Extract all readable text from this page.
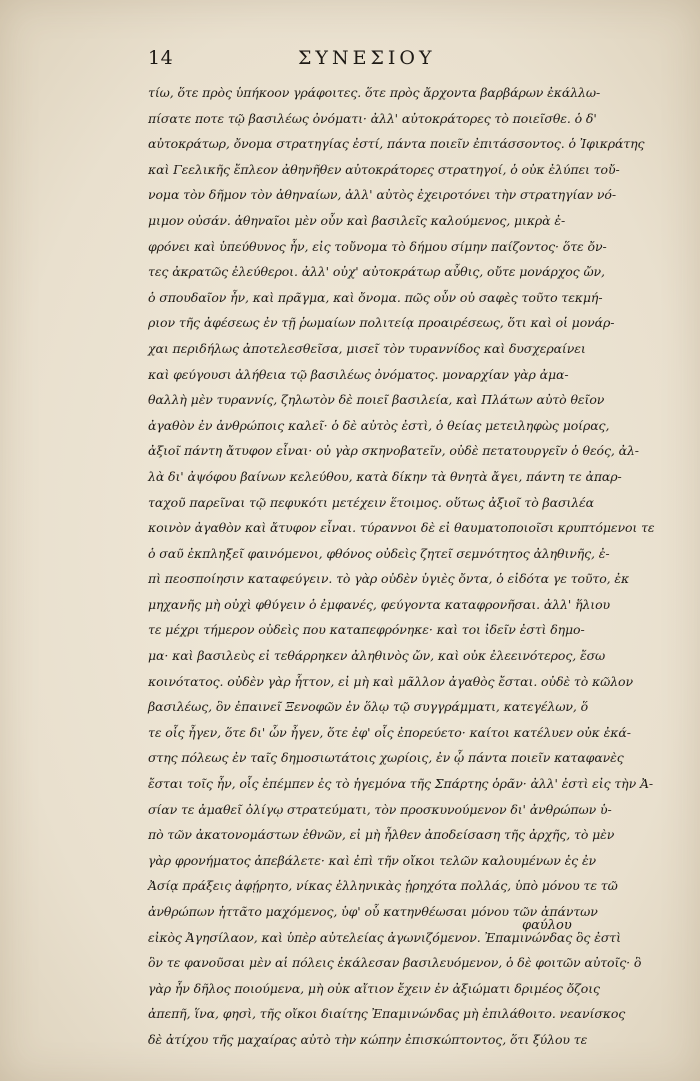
14	ΣΥΝΕΣΙΟΥ
τίω, ὅτε πρὸς ὑπήκοον γράφοιτες. ὅτε πρὸς ἄρχοντα βαρβάρων ἐκάλλω-
πίσατε ποτε τῷ βασιλέως ὀνόματι· ἀλλ' αὐτοκράτορες τὸ ποιεῖσθε. ὁ δ'
αὐτοκράτωρ, ὄνομα στρατηγίας ἐστί, πάντα ποιεῖν ἐπιτάσσοντος. ὁ Ἰφικράτης
καὶ Γεελικῆς ἔπλεον ἀθηνῆθεν αὐτοκράτορες στρατηγοί, ὁ οὐκ ἐλύπει τοὔ-
νομα τὸν δῆμον τὸν ἀθηναίων, ἀλλ' αὐτὸς ἐχειροτόνει τὴν στρατηγίαν νό-
μιμον οὐσάν. ἀθηναῖοι μὲν οὖν καὶ βασιλεῖς καλούμενος, μικρὰ ἐ-
φρόνει καὶ ὑπεύθυνος ἦν, εἰς τοὔνομα τὸ δήμου σίμην παίζοντος· ὅτε ὄν-
τες ἀκρατῶς ἐλεύθεροι. ἀλλ' οὐχ' αὐτοκράτωρ αὖθις, οὔτε μονάρχος ὤν,
ὁ σπουδαῖον ἦν, καὶ πρᾶγμα, καὶ ὄνομα. πῶς οὖν οὐ σαφὲς τοῦτο τεκμή-
ριον τῆς ἀφέσεως ἐν τῇ ῥωμαίων πολιτείᾳ προαιρέσεως, ὅτι καὶ οἱ μονάρ-
χαι περιδήλως ἀποτελεσθεῖσα, μισεῖ τὸν τυραννίδος καὶ δυσχεραίνει
καὶ φεύγουσι ἀλήθεια τῷ βασιλέως ὀνόματος. μοναρχίαν γὰρ ἀμα-
θαλλὴ μὲν τυραννίς, ζηλωτὸν δὲ ποιεῖ βασιλεία, καὶ Πλάτων αὐτὸ θεῖον
ἀγαθὸν ἐν ἀνθρώποις καλεῖ· ὁ δὲ αὐτὸς ἐστὶ, ὁ θείας μετειληφὼς μοίρας,
ἀξιοῖ πάντη ἄτυφον εἶναι· οὐ γὰρ σκηνοβατεῖν, οὐδὲ πετατουργεῖν ὁ θεός, ἀλ-
λὰ δι' ἀψόφου βαίνων κελεύθου, κατὰ δίκην τὰ θνητὰ ἄγει, πάντη τε ἀπαρ-
ταχοῦ παρεῖναι τῷ πεφυκότι μετέχειν ἕτοιμος. οὕτως ἀξιοῖ τὸ βασιλέα
κοινὸν ἀγαθὸν καὶ ἄτυφον εἶναι. τύραννοι δὲ εἰ θαυματοποιοῖσι κρυπτόμενοι τε
ὁ σαῦ ἐκπληξεῖ φαινόμενοι, φθόνος οὐδεὶς ζητεῖ σεμνότητος ἀληθινῆς, ἐ-
πὶ πεοσποίησιν καταφεύγειν. τὸ γὰρ οὐδὲν ὑγιὲς ὄντα, ὁ εἰδότα γε τοῦτο, ἐκ
μηχανῆς μὴ οὐχὶ φθύγειν ὁ ἐμφανές, φεύγοντα καταφρονῆσαι. ἀλλ' ἥλιου
τε μέχρι τήμερον οὐδεὶς που καταπεφρόνηκε· καὶ τοι ἰδεῖν ἐστὶ δημο-
μα· καὶ βασιλεὺς εἰ τεθάρρηκεν ἀληθινὸς ὤν, καὶ οὐκ ἐλεεινότερος, ἔσω
κοινότατος. οὐδὲν γὰρ ἧττον, εἰ μὴ καὶ μᾶλλον ἀγαθὸς ἔσται. οὐδὲ τὸ κῶλον
βασιλέως, ὃν ἐπαινεῖ Ξενοφῶν ἐν ὅλῳ τῷ συγγράμματι, κατεγέλων, ὅ
τε οἷς ἦγεν, ὅτε δι' ὧν ἦγεν, ὅτε ἐφ' οἷς ἐπορεύετο· καίτοι κατέλυεν οὐκ ἐκά-
στης πόλεως ἐν ταῖς δημοσιωτάτοις χωρίοις, ἐν ᾧ πάντα ποιεῖν καταφανὲς
ἔσται τοῖς ἦν, οἷς ἐπέμπεν ἐς τὸ ἡγεμόνα τῆς Σπάρτης ὁρᾶν· ἀλλ' ἐστὶ εἰς τὴν Ἀ-
σίαν τε ἀμαθεῖ ὀλίγῳ στρατεύματι, τὸν προσκυνούμενον δι' ἀνθρώπων ὑ-
πὸ τῶν ἀκατονομάστων ἐθνῶν, εἰ μὴ ἦλθεν ἀποδείσαση τῆς ἀρχῆς, τὸ μὲν
γὰρ φρονήματος ἀπεβάλετε· καὶ ἐπὶ τῆν οἴκοι τελῶν καλουμένων ἐς ἐν
Ἀσίᾳ πράξεις ἀφῄρητο, νίκας ἑλληνικὰς ᾑρηχότα πολλάς, ὑπὸ μόνου τε τῶ
ἀνθρώπων ἡττᾶτο μαχόμενος, ὑφ' οὗ κατηνθέωσαι μόνου τῶν ἀπάντων
εἰκὸς Ἀγησίλαον, καὶ ὑπὲρ αὐτελείας ἀγωνιζόμενον. Ἐπαμινώνδας ὃς ἐστὶ
ὃν τε φανοῦσαι μὲν αἱ πόλεις ἐκάλεσαν βασιλευόμενον, ὁ δὲ φοιτῶν αὐτοῖς· ὃ
γὰρ ἦν δῆλος ποιούμενα, μὴ οὐκ αἴτιον ἔχειν ἐν ἀξιώματι δριμέος ὄζοις
ἀπεπῆ, ἵνα, φησὶ, τῆς οἴκοι διαίτης Ἐπαμινώνδας μὴ ἐπιλάθοιτο. νεανίσκος
δὲ ἀτίχου τῆς μαχαίρας αὐτὸ τὴν κώπην ἐπισκώπτοντος, ὅτι ξύλου τε
φαύλου
